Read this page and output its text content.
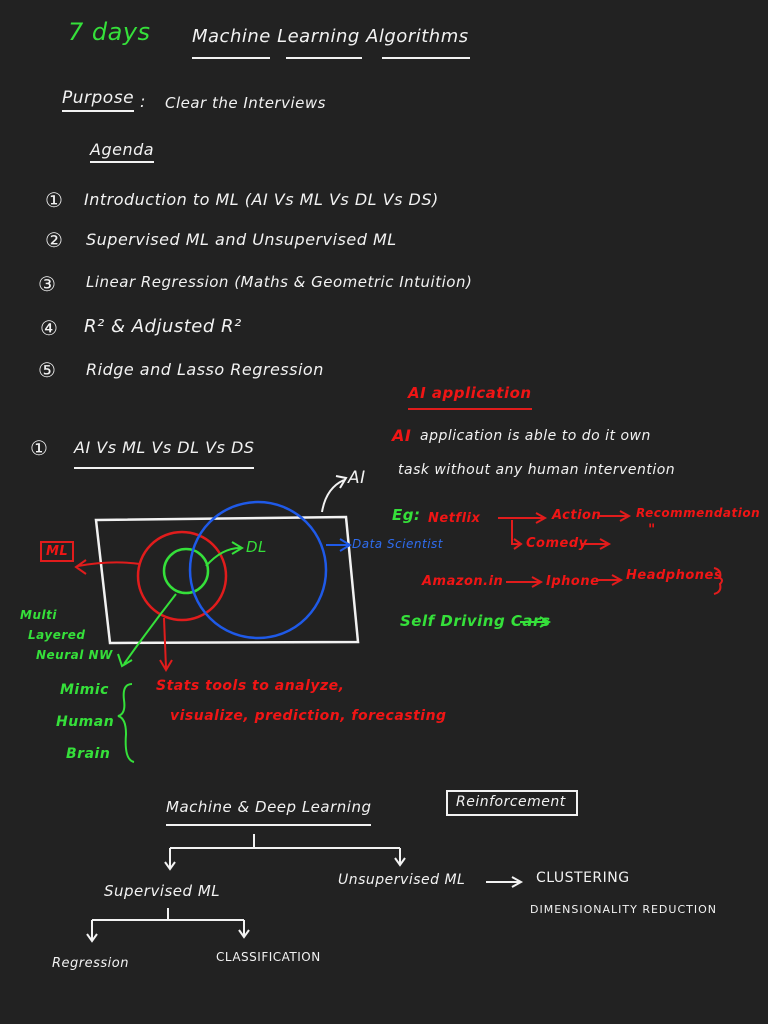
7 days Machine Learning Algorithms
Purpose : Clear the Interviews
Agenda
① Introduction to ML (AI Vs ML Vs DL Vs DS)
② Supervised ML and Unsupervised ML
③ Linear Regression (Maths & Geometric Intuition)
④ R² & Adjusted R²
⑤ Ridge and Lasso Regression
① AI Vs ML Vs DL Vs DS
AI
ML	DL	Data Scientist
Multi
Layered
Neural NW
Mimic
Human
Brain
Stats tools to analyze,
visualize, prediction, forecasting
AI application
AI application is able to do it own
task without any human intervention
Eg: Netflix	Action	Recommendation
"
Comedy
Amazon.in	Iphone Headphones
Self Driving Cars
Machine & Deep Learning	Reinforcement
Supervised ML
Unsupervised ML	CLUSTERING
DIMENSIONALITY REDUCTION
Regression	CLASSIFICATION
